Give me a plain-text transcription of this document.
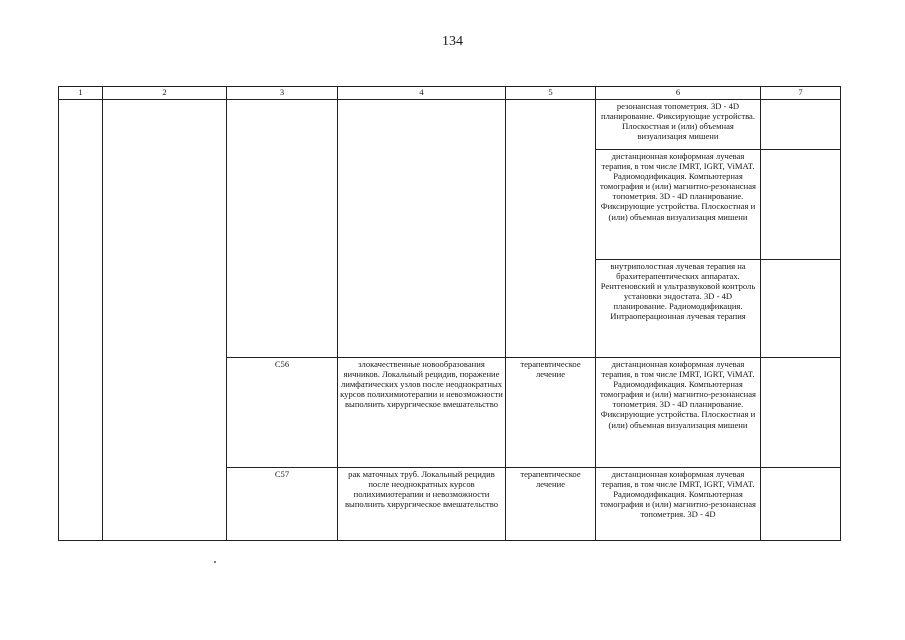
134
1	2	3	4	5	6	7
					резонансная топометрия. 3D - 4D планирование. Фиксирующие устройства. Плоскостная и (или) объемная визуализация мишени	
					дистанционная конформная лучевая терапия, в том числе IMRT, IGRT, ViMAT. Радиомодификация. Компьютерная томография и (или) магнитно-резонансная топометрия. 3D - 4D планирование. Фиксирующие устройства. Плоскостная и (или) объемная визуализация мишени	
					внутриполостная лучевая терапия на брахитерапевтических аппаратах. Рентгеновский и ультразвуковой контроль установки эндостата. 3D - 4D планирование. Радиомодификация. Интраоперационная лучевая терапия	
		C56	злокачественные новообразования яичников. Локальный рецидив, поражение лимфатических узлов после неоднократных курсов полихимиотерапии и невозможности выполнить хирургическое вмешательство	терапевтическое лечение	дистанционная конформная лучевая терапия, в том числе IMRT, IGRT, ViMAT. Радиомодификация. Компьютерная томография и (или) магнитно-резонансная топометрия. 3D - 4D планирование. Фиксирующие устройства. Плоскостная и (или) объемная визуализация мишени	
		C57	рак маточных труб. Локальный рецидив после неоднократных курсов полихимиотерапии и невозможности выполнить хирургическое вмешательство	терапевтическое лечение	дистанционная конформная лучевая терапия, в том числе IMRT, IGRT, ViMAT. Радиомодификация. Компьютерная томография и (или) магнитно-резонансная топометрия. 3D - 4D	
